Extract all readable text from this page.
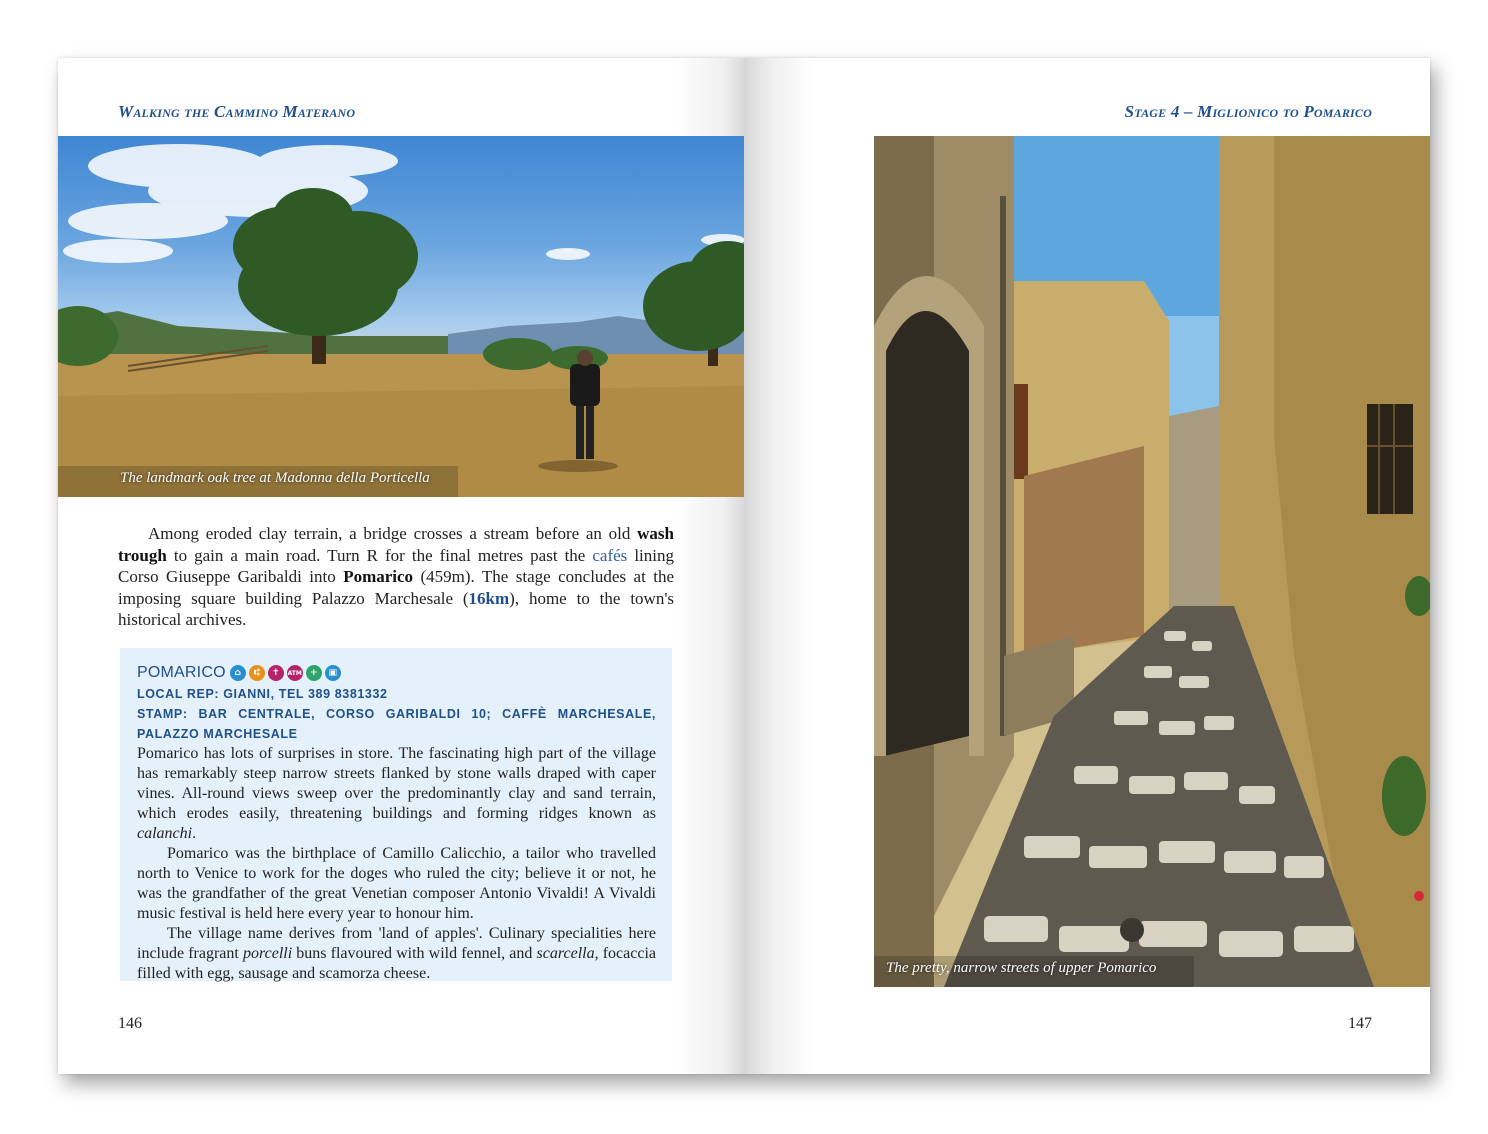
Walking the Cammino Materano
The landmark oak tree at Madonna della Porticella
Among eroded clay terrain, a bridge crosses a stream before an old wash trough to gain a main road. Turn R for the final metres past the cafés lining Corso Giuseppe Garibaldi into Pomarico (459m). The stage concludes at the imposing square building Palazzo Marchesale (16km), home to the town's historical archives.
POMARICO ⌂	⑆	✝	ATM +	▣
LOCAL REP: GIANNI, TEL 389 8381332
STAMP: BAR CENTRALE, CORSO GARIBALDI 10; CAFFÈ MARCHESALE, PALAZZO MARCHESALE
Pomarico has lots of surprises in store. The fascinating high part of the village has remarkably steep narrow streets flanked by stone walls draped with caper vines. All-round views sweep over the predominantly clay and sand terrain, which erodes easily, threatening buildings and forming ridges known as calanchi.
Pomarico was the birthplace of Camillo Calicchio, a tailor who travelled north to Venice to work for the doges who ruled the city; believe it or not, he was the grandfather of the great Venetian composer Antonio Vivaldi! A Vivaldi music festival is held here every year to honour him.
The village name derives from 'land of apples'. Culinary specialities here include fragrant porcelli buns flavoured with wild fennel, and scarcella, focaccia filled with egg, sausage and scamorza cheese.
146
Stage 4 – Miglionico to Pomarico
The pretty, narrow streets of upper Pomarico
147
